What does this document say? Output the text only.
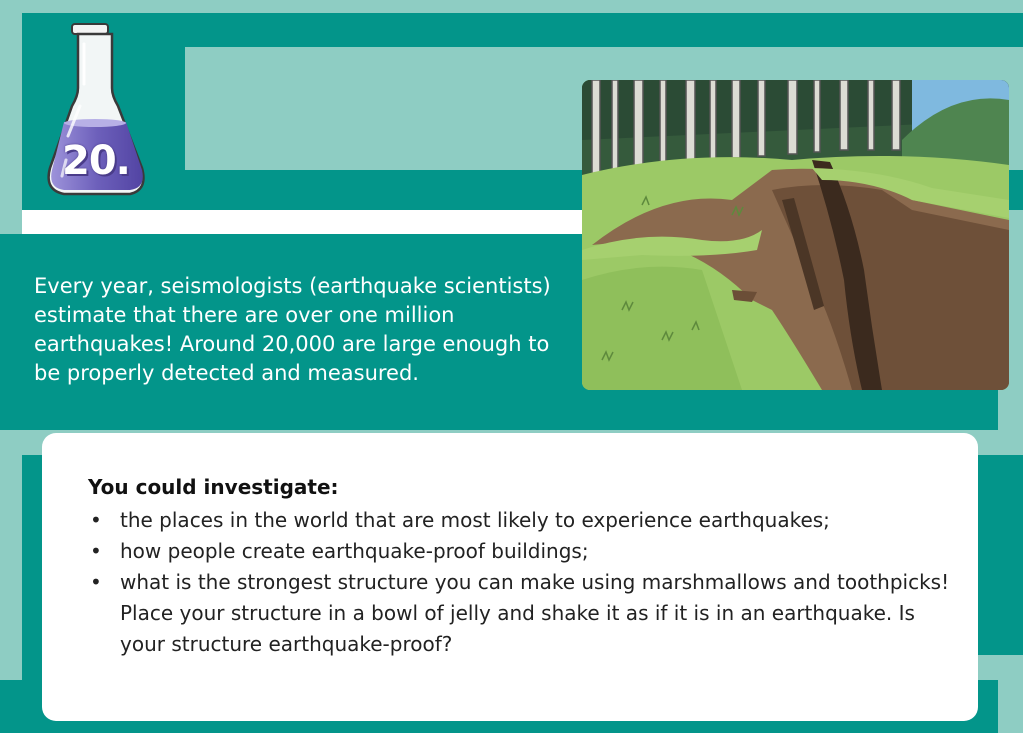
20.
Every year, seismologists (earthquake scientists) estimate that there are over one million earthquakes! Around 20,000 are large enough to be properly detected and measured.
You could investigate:
• the places in the world that are most likely to experience earthquakes;
• how people create earthquake-proof buildings;
• what is the strongest structure you can make using marshmallows and toothpicks! Place your structure in a bowl of jelly and shake it as if it is in an earthquake. Is your structure earthquake-proof?
